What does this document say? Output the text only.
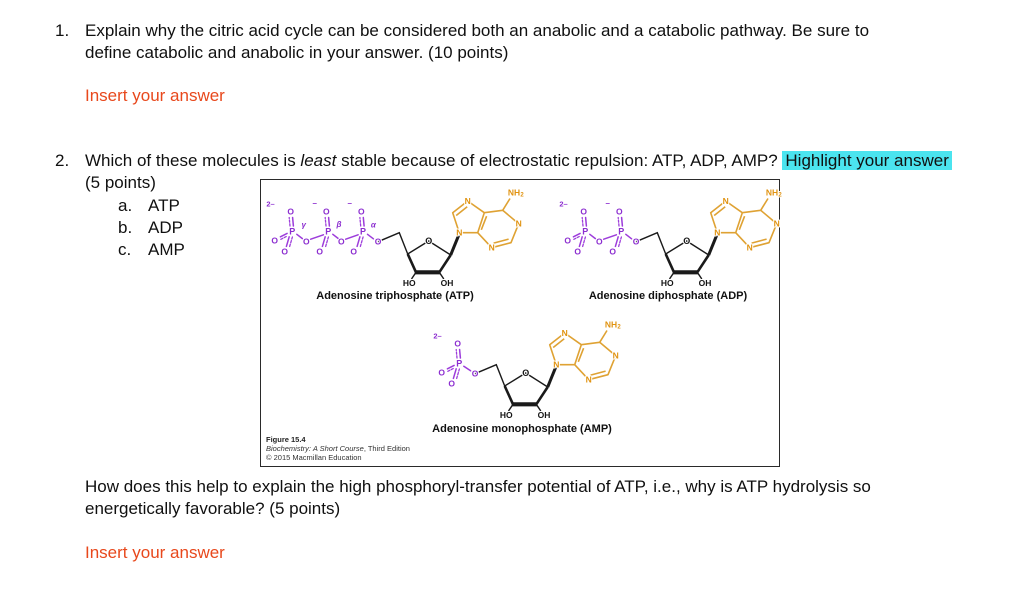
1. Explain why the citric acid cycle can be considered both an anabolic and a catabolic pathway. Be sure to
define catabolic and anabolic in your answer. (10 points)
Insert your answer
2. Which of these molecules is least stable because of electrostatic repulsion: ATP, ADP, AMP? Highlight your answer
(5 points)
a. ATP
b. ADP
c. AMP
2–
O
–
O
–
O
P	P	P
γ	β	α
O	O	O	O
O	O	O
O
HO	OH
N
N
N
N
NH 2
2–
O
–
O
P	P
O	O	O
O	O
O
HO	OH
N
N
N
N
NH 2
2–
O
P
O	O
O
O
HO	OH
N
N
N
N
NH 2
Adenosine triphosphate (ATP)	Adenosine diphosphate (ADP)
Adenosine monophosphate (AMP)
Figure 15.4
Biochemistry: A Short Course, Third Edition
© 2015 Macmillan Education
How does this help to explain the high phosphoryl-transfer potential of ATP, i.e., why is ATP hydrolysis so
energetically favorable? (5 points)
Insert your answer
